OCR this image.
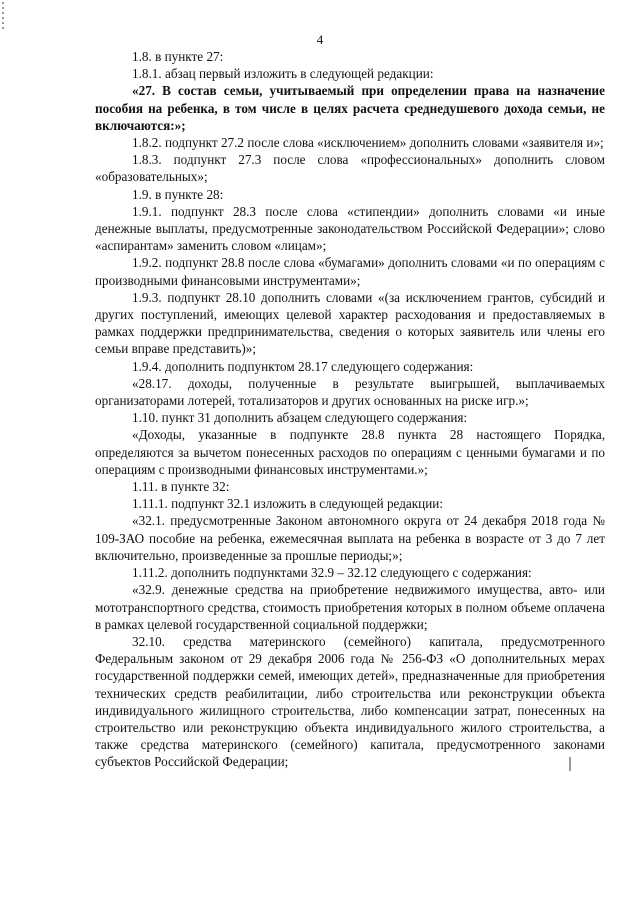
4

1.8. в пункте 27:

1.8.1. абзац первый изложить в следующей редакции:

«27. В состав семьи, учитываемый при определении права на назначение пособия на ребенка, в том числе в целях расчета среднедушевого дохода семьи, не включаются:»;

1.8.2. подпункт 27.2 после слова «исключением» дополнить словами «заявителя и»;

1.8.3. подпункт 27.3 после слова «профессиональных» дополнить словом «образовательных»;

1.9. в пункте 28:

1.9.1. подпункт 28.3 после слова «стипендии» дополнить словами «и иные денежные выплаты, предусмотренные законодательством Российской Федерации»; слово «аспирантам» заменить словом «лицам»;

1.9.2. подпункт 28.8 после слова «бумагами» дополнить словами «и по операциям с производными финансовыми инструментами»;

1.9.3. подпункт 28.10 дополнить словами «(за исключением грантов, субсидий и других поступлений, имеющих целевой характер расходования и предоставляемых в рамках поддержки предпринимательства, сведения о которых заявитель или члены его семьи вправе представить)»;

1.9.4. дополнить подпунктом 28.17 следующего содержания:

«28.17. доходы, полученные в результате выигрышей, выплачиваемых организаторами лотерей, тотализаторов и других основанных на риске игр.»;

1.10. пункт 31 дополнить абзацем следующего содержания:

«Доходы, указанные в подпункте 28.8 пункта 28 настоящего Порядка, определяются за вычетом понесенных расходов по операциям с ценными бумагами и по операциям с производными финансовых инструментами.»;

1.11. в пункте 32:

1.11.1. подпункт 32.1 изложить в следующей редакции:

«32.1. предусмотренные Законом автономного округа от 24 декабря 2018 года № 109-ЗАО пособие на ребенка, ежемесячная выплата на ребенка в возрасте от 3 до 7 лет включительно, произведенные за прошлые периоды;»;

1.11.2. дополнить подпунктами 32.9 – 32.12 следующего с содержания:

«32.9. денежные средства на приобретение недвижимого имущества, авто- или мототранспортного средства, стоимость приобретения которых в полном объеме оплачена в рамках целевой государственной социальной поддержки;

32.10. средства материнского (семейного) капитала, предусмотренного Федеральным законом от 29 декабря 2006 года № 256-ФЗ «О дополнительных мерах государственной поддержки семей, имеющих детей», предназначенные для приобретения технических средств реабилитации, либо строительства или реконструкции объекта индивидуального жилищного строительства, либо компенсации затрат, понесенных на строительство или реконструкцию объекта индивидуального жилого строительства, а также средства материнского (семейного) капитала, предусмотренного законами субъектов Российской Федерации;
